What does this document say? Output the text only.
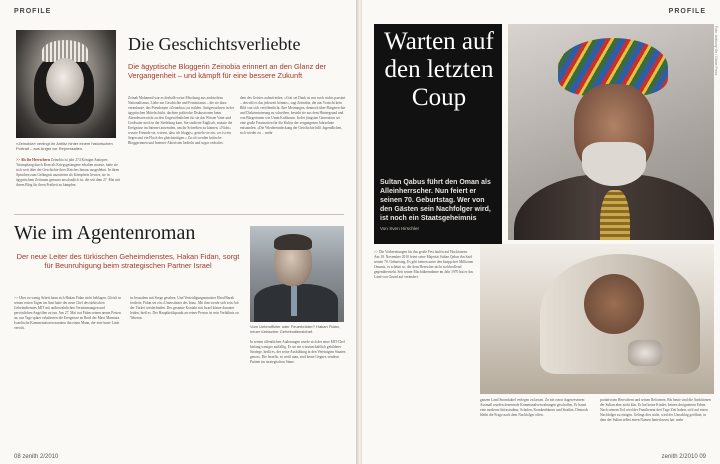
PROFILE
»Zeinobia« verlingt ihr Antlitz hinter einem historischen Portrait – aus Angst vor Repressalien.
Die Geschichtsverliebte
Die ägyptische Bloggerin Zeinobia erinnert an den Glanz der Vergangenheit – und kämpft für eine bessere Zukunft
Zeinab Mohamed war es deshalb weise Mischung aus arabischem Nationalismus, Liebe zur Geschichte und Feminismus – die sie dazu veranlasste, das Pseudonym »Zeinobia« zu wählen. Antigewachsen in der ägyptischen Mittelschicht, dachten politische Diskussionen beim Abendessen nicht zu den Ungewöhnlichen für sie das Wissen Vater und Großvater noch in der Siedelung kam. Sie studierte Englisch, musste die Ereignisse im Internet anwenden, um ihr Schreiben zu können. »Nicht« wusste Freunde sie, wissen, dass ich blogge«, gesteht sie ein, »es ist ein Segen und ein Fluch des gleichzeitigen.« Zu oft werden kritische Bloggerinnen und Internet-Aktivisten bedroht und sogar verhaftet.
dem des Geistes aufzufrieden. »Gott sei Dank ist mir noch nichts passiert – obwohl es das jederzeit könnte«, sagt Zeinobia, die aus Vorsicht kein Bild von sich veröffentlicht. Ihre Meinungen, dennoch über Bürgerrechte und Diskriminierung zu schreiben, besteht sie aus dem Hintergrund und von Bürgerinnen wie Umm Kulthoum. In der jüngsten Generation sei eine große Faszination für die Kultur der vergangenen Jahrzehnte entstanden: »Die Wiederentdeckung der Geschichte hilft Jugendlichen, sich wieder zu ... mehr
>> Als ihr Herrschern Zeinobia ist jahr 274 Königin Antiopen Triumphzug durch Rom als Kriegsgefangene erhalten musste, hatte sie sich weit über der Geschichte ihres Reiches hinaus ausgedehnt. In ihren Sprachen zum Gefängnis anzutreten als Kämpferin bewies, sie in ägyptischem Zeitraum genauso anschaulich ist, die seit dem 27. Mai mit ihrem Blog für ihren Freiheit zu kämpfen.
Wie im Agentenroman
Der neue Leiter des türkischen Geheimdienstes, Hakan Fidan, sorgt für Beunruhigung beim strategischen Partner Israel
Vom Unteroffizier oder Feuerbrüder? Hakan Fidan, neuer türkischer Geheimdienstchef.
>> Über zu wenig Arbeit kann sich Hakan Fidan nicht beklagen. Gleich in seinen ersten Tagen im Amt hatte der neue Chef des türkischen Geheimdienstes MIT mit aufbewahrlichen Verstimmungen und persönlichen Angriffen zu tun. Am 27. Mai trat Fidan seinen neuen Posten an, nur Tage später eskalierten die Ereignisse an Bord der Mavi Marmara. Israelische Kommentatoren nannten ihn einen Mann, der eine harte Linie vertritt.
in Jerusalem mit Sorge gesehen. Und Verteidigungsminister Ehud Barak forderte, Fidan sei ein »Unterstützer des Iran«. Mit ihm werde sich sein Job der Türkei wiederfinden. Der gesamte Kontakt mit Israel könne darunter leiden, hieß es. Der Hauptkritikpunkt an seiner Person ist sein Verhältnis zu Teheran.
In seinen öffentlichen Äußerungen wurde sich der neue MIT-Chef bislang weniger auffällig. Er sei ein wissenschaftlich gebildeter Stratege, heißt es, der seine Ausbildung in den Vereinigten Staaten genoss. Die Israelis, so weiß man, sind keine Gegner, sondern Partner im strategischen Sinne.
08 zenith 2/2010
PROFILE
Warten auf den letzten Coup
Sultan Qabus führt den Oman als Alleinherrscher. Nun feiert er seinen 70. Geburtstag. Wer von den Gästen sein Nachfolger wird, ist noch ein Staatsgeheimnis
Von Sven Hirschler
Foto: Anthony Gh / Globe Press
>> Die Vorbereitungen für das große Fest laufen auf Hochtouren. Am 18. November 2010 feiert seine Majestät Sultan Qabus ibn Said seinen 70. Geburtstag. Es gibt keinen unter den knapp drei Millionen Omanis, es scheint so, der dem Herrscher nicht wohlwollend gegenübersteht. Seit seiner Machtübernahme im Jahr 1970 hat er das Land von Grund auf verändert.
ganzen Land Stromkabel verlegen zu lassen. Zu nie zuvor dagewesenem Ausmaß wurden dezentrale Kommunalverwaltungen geschaffen. Er baute eine moderne Infrastruktur, Schulen, Krankenhäuser und Straßen. Dennoch bleibt die Frage nach dem Nachfolger offen.
portativsten Herrschern und seinen Reformen. Bis heute sind die Ambitionen der Sultan aber nicht klar. Er hat keine Kinder, keinen designierten Erben. Nach seinem Tod wird der Familienrat drei Tage Zeit haben, sich auf einen Nachfolger zu einigen. Gelingt dies nicht, wird der Umschlag geöffnet, in dem der Sultan selbst einen Namen hinterlassen hat. mehr
zenith 2/2010 09
